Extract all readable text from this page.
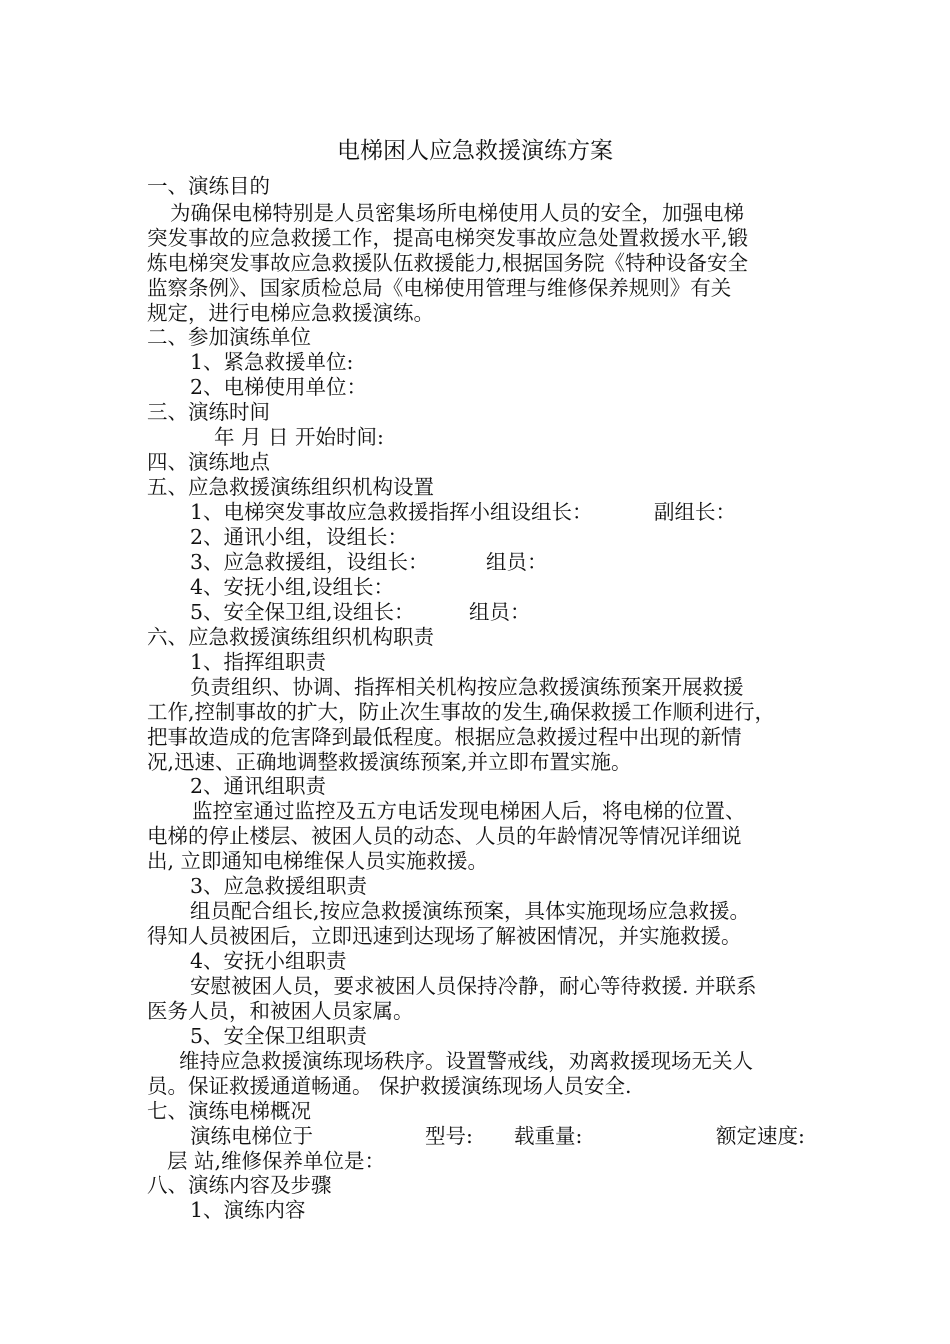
电梯困人应急救援演练方案
一、演练目的
为确保电梯特别是人员密集场所电梯使用人员的安全，加强电梯
突发事故的应急救援工作，提高电梯突发事故应急处置救援水平,锻
炼电梯突发事故应急救援队伍救援能力,根据国务院《特种设备安全
监察条例》、国家质检总局《电梯使用管理与维修保养规则》有关
规定，进行电梯应急救援演练。
二、参加演练单位
1、紧急救援单位:
2、电梯使用单位：
三、演练时间
年 月 日 开始时间:
四、演练地点
五、应急救援演练组织机构设置
1、电梯突发事故应急救援指挥小组设组长：	副组长：
2、通讯小组，设组长：
3、应急救援组，设组长：	组员：
4、安抚小组,设组长：
5、安全保卫组,设组长：	组员：
六、应急救援演练组织机构职责
1、指挥组职责
负责组织、协调、指挥相关机构按应急救援演练预案开展救援
工作,控制事故的扩大，防止次生事故的发生,确保救援工作顺利进行，
把事故造成的危害降到最低程度。根据应急救援过程中出现的新情
况,迅速、正确地调整救援演练预案,并立即布置实施。
2、通讯组职责
监控室通过监控及五方电话发现电梯困人后，将电梯的位置、
电梯的停止楼层、被困人员的动态、人员的年龄情况等情况详细说
出, 立即通知电梯维保人员实施救援。
3、应急救援组职责
组员配合组长,按应急救援演练预案，具体实施现场应急救援。
得知人员被困后，立即迅速到达现场了解被困情况，并实施救援。
4、安抚小组职责
安慰被困人员，要求被困人员保持冷静，耐心等待救援. 并联系
医务人员，和被困人员家属。
5、安全保卫组职责
维持应急救援演练现场秩序。设置警戒线，劝离救援现场无关人
员。保证救援通道畅通。 保护救援演练现场人员安全.
七、演练电梯概况
演练电梯位于	型号: 载重量:	额定速度:
层 站,维修保养单位是：
八、演练内容及步骤
1、演练内容
